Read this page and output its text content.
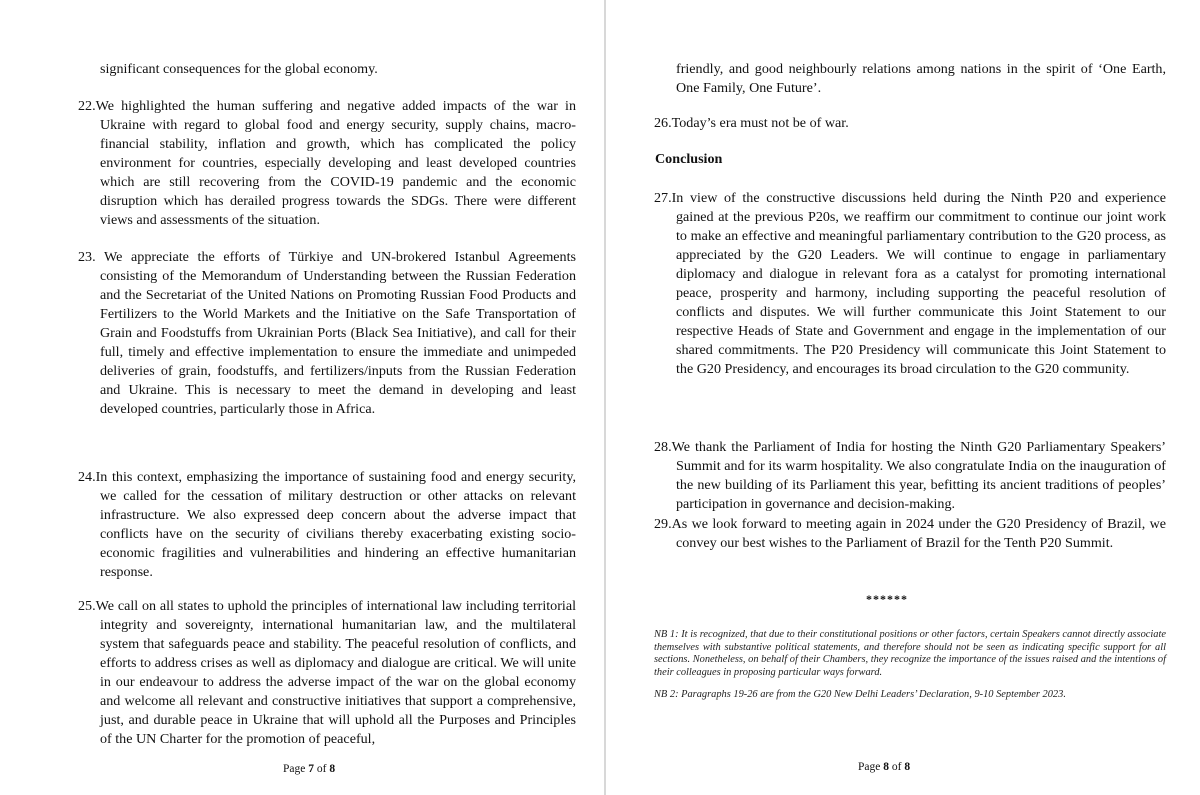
significant consequences for the global economy.

22.We highlighted the human suffering and negative added impacts of the war in Ukraine with regard to global food and energy security, supply chains, macro-financial stability, inflation and growth, which has complicated the policy environment for countries, especially developing and least developed countries which are still recovering from the COVID-19 pandemic and the economic disruption which has derailed progress towards the SDGs. There were different views and assessments of the situation.

23. We appreciate the efforts of Türkiye and UN-brokered Istanbul Agreements consisting of the Memorandum of Understanding between the Russian Federation and the Secretariat of the United Nations on Promoting Russian Food Products and Fertilizers to the World Markets and the Initiative on the Safe Transportation of Grain and Foodstuffs from Ukrainian Ports (Black Sea Initiative), and call for their full, timely and effective implementation to ensure the immediate and unimpeded deliveries of grain, foodstuffs, and fertilizers/inputs from the Russian Federation and Ukraine. This is necessary to meet the demand in developing and least developed countries, particularly those in Africa.

24.In this context, emphasizing the importance of sustaining food and energy security, we called for the cessation of military destruction or other attacks on relevant infrastructure. We also expressed deep concern about the adverse impact that conflicts have on the security of civilians thereby exacerbating existing socio-economic fragilities and vulnerabilities and hindering an effective humanitarian response.

25.We call on all states to uphold the principles of international law including territorial integrity and sovereignty, international humanitarian law, and the multilateral system that safeguards peace and stability. The peaceful resolution of conflicts, and efforts to address crises as well as diplomacy and dialogue are critical. We will unite in our endeavour to address the adverse impact of the war on the global economy and welcome all relevant and constructive initiatives that support a comprehensive, just, and durable peace in Ukraine that will uphold all the Purposes and Principles of the UN Charter for the promotion of peaceful,

Page 7 of 8

friendly, and good neighbourly relations among nations in the spirit of ‘One Earth, One Family, One Future’.

26.Today’s era must not be of war.

Conclusion

27.In view of the constructive discussions held during the Ninth P20 and experience gained at the previous P20s, we reaffirm our commitment to continue our joint work to make an effective and meaningful parliamentary contribution to the G20 process, as appreciated by the G20 Leaders. We will continue to engage in parliamentary diplomacy and dialogue in relevant fora as a catalyst for promoting international peace, prosperity and harmony, including supporting the peaceful resolution of conflicts and disputes. We will further communicate this Joint Statement to our respective Heads of State and Government and engage in the implementation of our shared commitments. The P20 Presidency will communicate this Joint Statement to the G20 Presidency, and encourages its broad circulation to the G20 community.

28.We thank the Parliament of India for hosting the Ninth G20 Parliamentary Speakers’ Summit and for its warm hospitality. We also congratulate India on the inauguration of the new building of its Parliament this year, befitting its ancient traditions of peoples’ participation in governance and decision-making.

29.As we look forward to meeting again in 2024 under the G20 Presidency of Brazil, we convey our best wishes to the Parliament of Brazil for the Tenth P20 Summit.

******

NB 1: It is recognized, that due to their constitutional positions or other factors, certain Speakers cannot directly associate themselves with substantive political statements, and therefore should not be seen as indicating specific support for all sections. Nonetheless, on behalf of their Chambers, they recognize the importance of the issues raised and the intentions of their colleagues in proposing particular ways forward.

NB 2: Paragraphs 19-26 are from the G20 New Delhi Leaders’ Declaration, 9-10 September 2023.

Page 8 of 8
